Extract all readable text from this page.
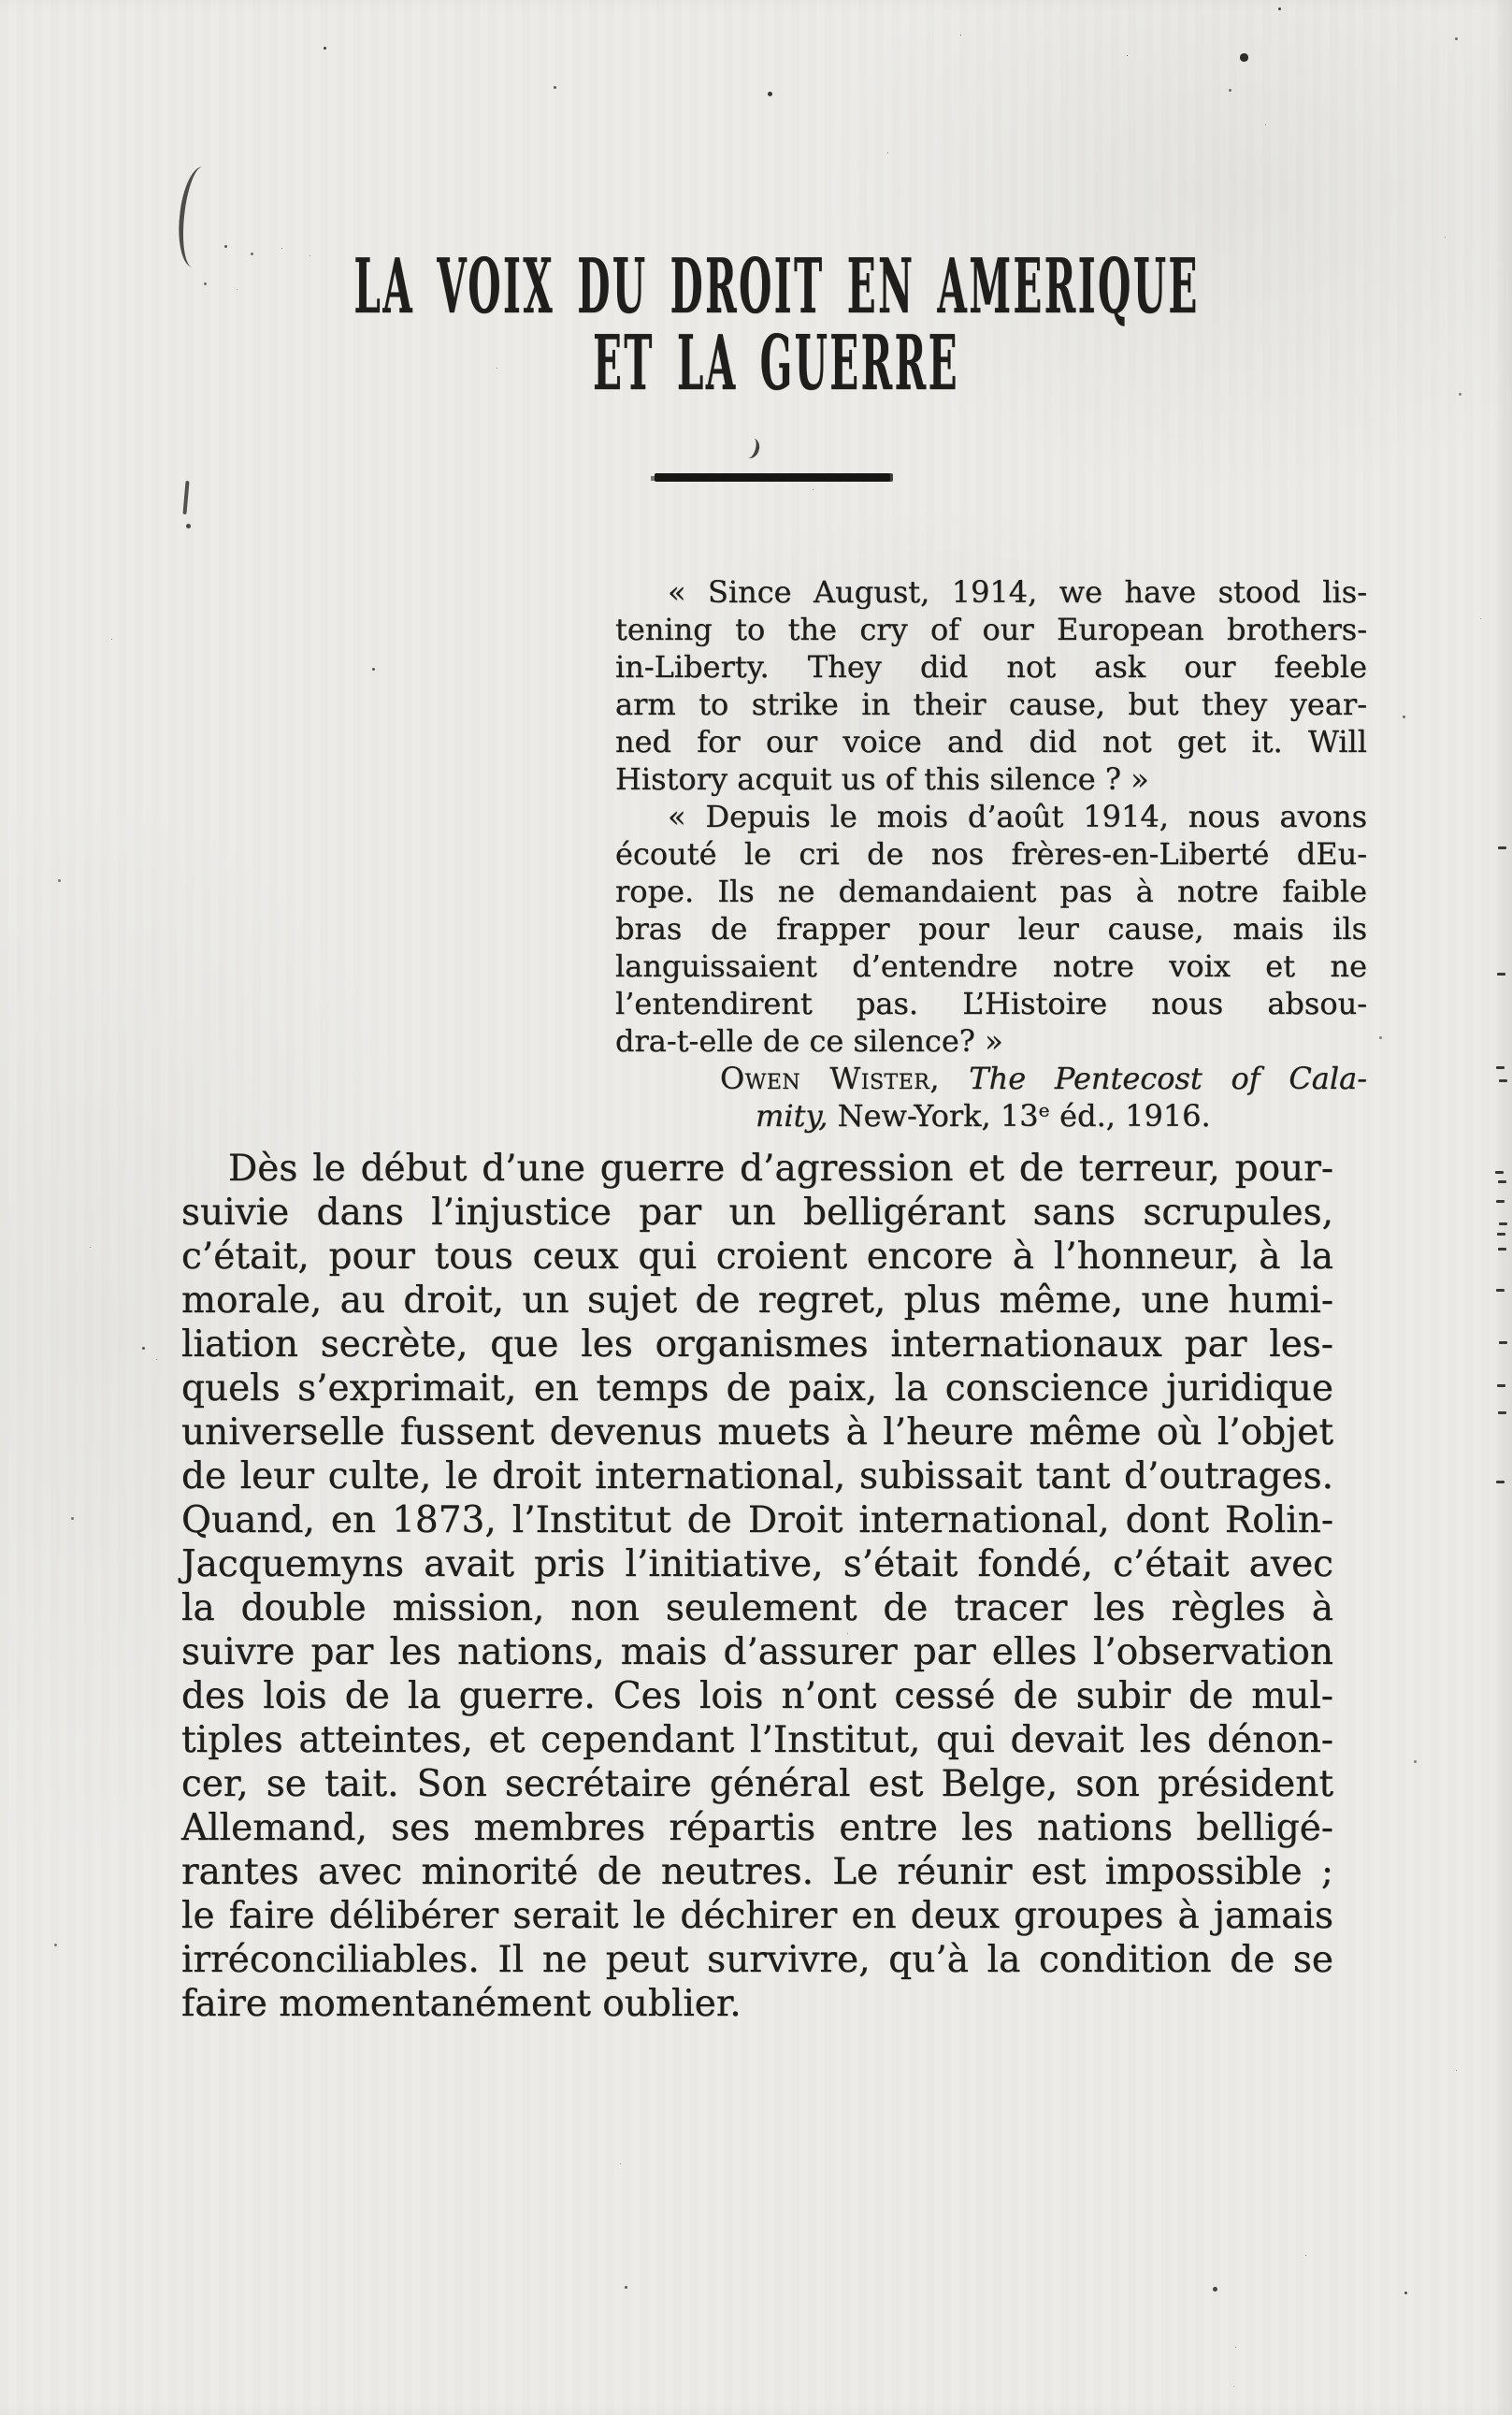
LA VOIX DU DROIT EN AMERIQUE
ET LA GUERRE
« Since August, 1914, we have stood lis-
tening to the cry of our European brothers-
in-Liberty. They did not ask our feeble
arm to strike in their cause, but they year-
ned for our voice and did not get it. Will
History acquit us of this silence ? »
« Depuis le mois d’août 1914, nous avons
écouté le cri de nos frères-en-Liberté dEu-
rope. Ils ne demandaient pas à notre faible
bras de frapper pour leur cause, mais ils
languissaient d’entendre notre voix et ne
l’entendirent pas. L’Histoire nous absou-
dra-t-elle de ce silence? »
Owen Wister, The Pentecost of Cala-
mity, New-York, 13ᵉ éd., 1916.
Dès le début d’une guerre d’agression et de terreur, pour-
suivie dans l’injustice par un belligérant sans scrupules,
c’était, pour tous ceux qui croient encore à l’honneur, à la
morale, au droit, un sujet de regret, plus même, une humi-
liation secrète, que les organismes internationaux par les-
quels s’exprimait, en temps de paix, la conscience juridique
universelle fussent devenus muets à l’heure même où l’objet
de leur culte, le droit international, subissait tant d’outrages.
Quand, en 1873, l’Institut de Droit international, dont Rolin-
Jacquemyns avait pris l’initiative, s’était fondé, c’était avec
la double mission, non seulement de tracer les règles à
suivre par les nations, mais d’assurer par elles l’observation
des lois de la guerre. Ces lois n’ont cessé de subir de mul-
tiples atteintes, et cependant l’Institut, qui devait les dénon-
cer, se tait. Son secrétaire général est Belge, son président
Allemand, ses membres répartis entre les nations belligé-
rantes avec minorité de neutres. Le réunir est impossible ;
le faire délibérer serait le déchirer en deux groupes à jamais
irréconciliables. Il ne peut survivre, qu’à la condition de se
faire momentanément oublier.
